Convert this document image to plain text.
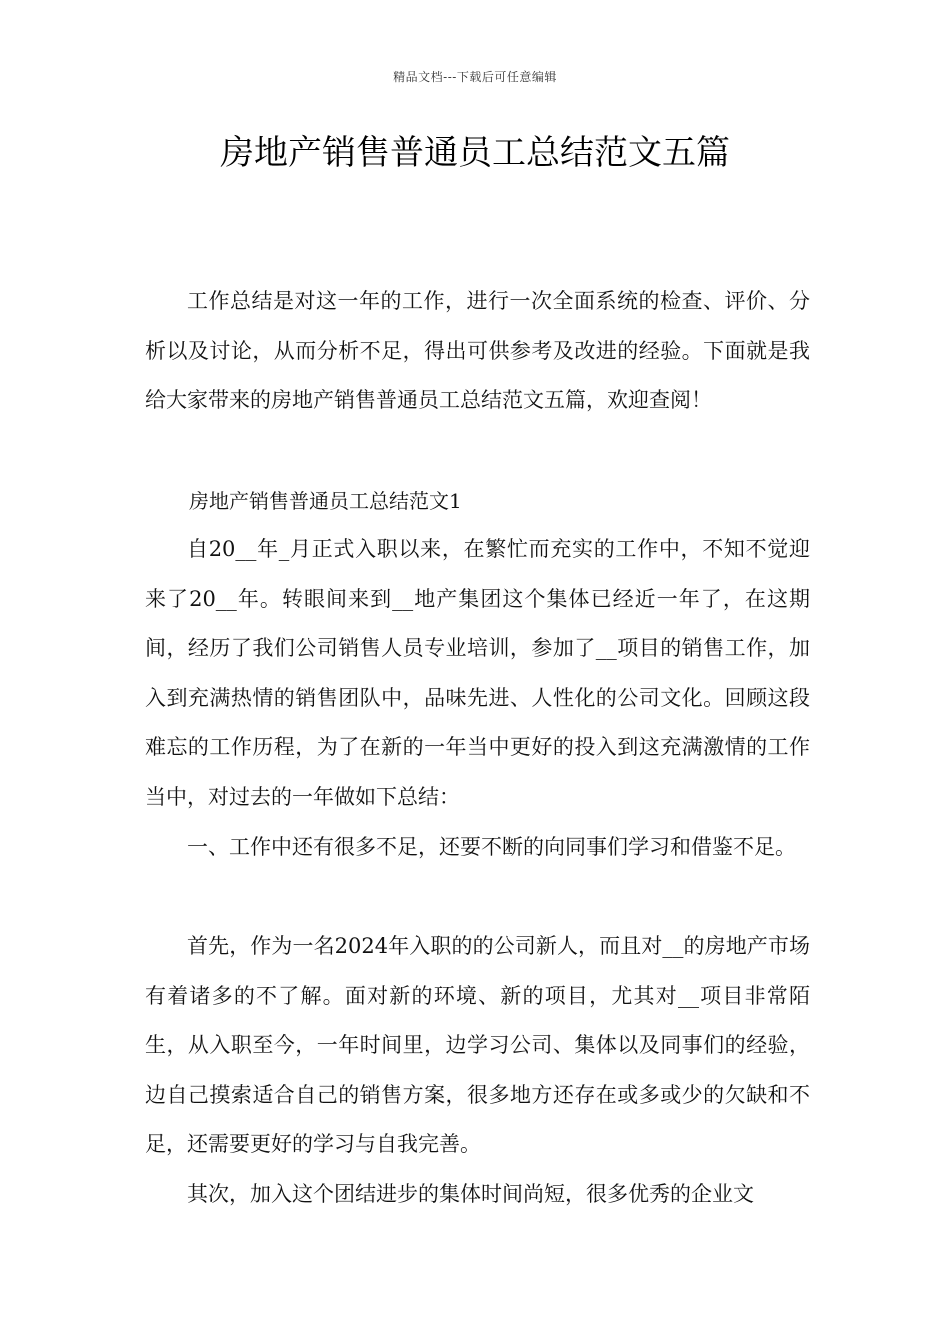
精品文档---下载后可任意编辑
房地产销售普通员工总结范文五篇

工作总结是对这一年的工作，进行一次全面系统的检查、评价、分析以及讨论，从而分析不足，得出可供参考及改进的经验。下面就是我给大家带来的房地产销售普通员工总结范文五篇，欢迎查阅！

房地产销售普通员工总结范文1

自20__年_月正式入职以来，在繁忙而充实的工作中，不知不觉迎来了20__年。转眼间来到__地产集团这个集体已经近一年了，在这期间，经历了我们公司销售人员专业培训，参加了__项目的销售工作，加入到充满热情的销售团队中，品味先进、人性化的公司文化。回顾这段难忘的工作历程，为了在新的一年当中更好的投入到这充满激情的工作当中，对过去的一年做如下总结：

一、工作中还有很多不足，还要不断的向同事们学习和借鉴不足。

首先，作为一名2024年入职的的公司新人，而且对__的房地产市场有着诸多的不了解。面对新的环境、新的项目，尤其对__项目非常陌生，从入职至今，一年时间里，边学习公司、集体以及同事们的经验，边自己摸索适合自己的销售方案，很多地方还存在或多或少的欠缺和不足，还需要更好的学习与自我完善。

其次，加入这个团结进步的集体时间尚短，很多优秀的企业文
